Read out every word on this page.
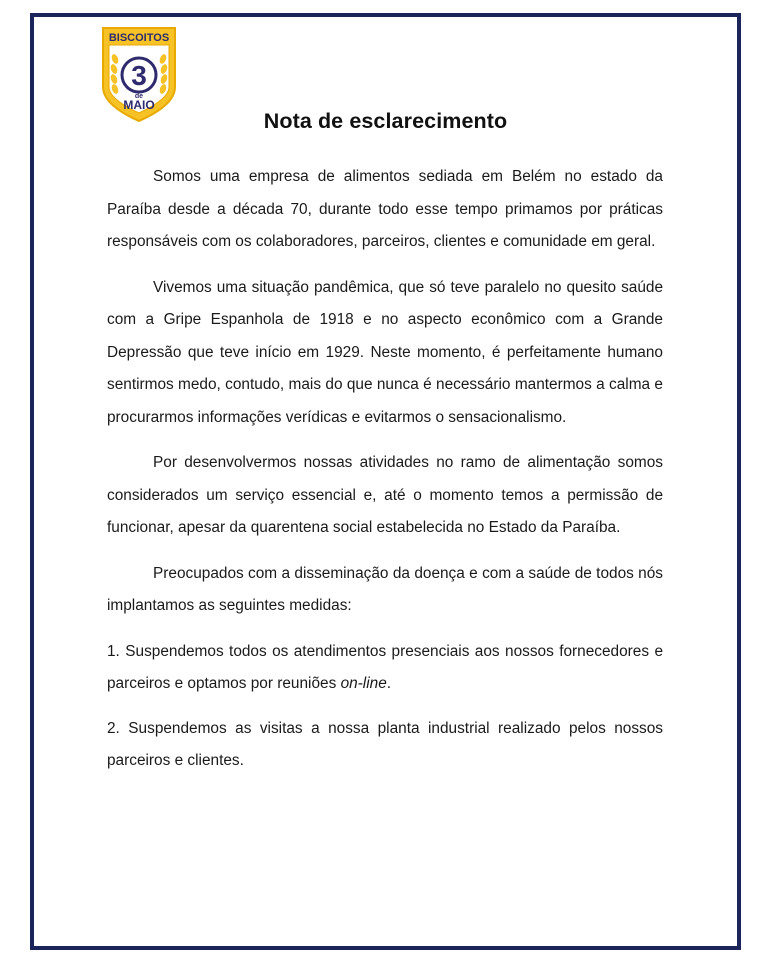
BISCOITOS
3
de
MAIO
Nota de esclarecimento

Somos uma empresa de alimentos sediada em Belém no estado da Paraíba desde a década 70, durante todo esse tempo primamos por práticas responsáveis com os colaboradores, parceiros, clientes e comunidade em geral.

Vivemos uma situação pandêmica, que só teve paralelo no quesito saúde com a Gripe Espanhola de 1918 e no aspecto econômico com a Grande Depressão que teve início em 1929. Neste momento, é perfeitamente humano sentirmos medo, contudo, mais do que nunca é necessário mantermos a calma e procurarmos informações verídicas e evitarmos o sensacionalismo.

Por desenvolvermos nossas atividades no ramo de alimentação somos considerados um serviço essencial e, até o momento temos a permissão de funcionar, apesar da quarentena social estabelecida no Estado da Paraíba.

Preocupados com a disseminação da doença e com a saúde de todos nós implantamos as seguintes medidas:

1. Suspendemos todos os atendimentos presenciais aos nossos fornecedores e parceiros e optamos por reuniões on-line.

2. Suspendemos as visitas a nossa planta industrial realizado pelos nossos parceiros e clientes.
